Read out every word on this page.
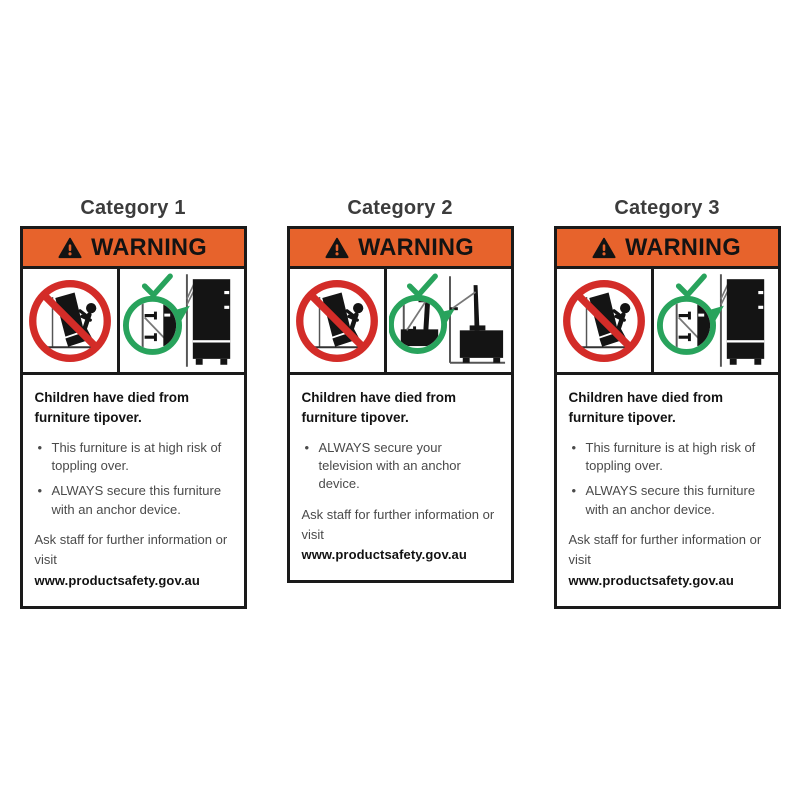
Category 1
WARNING

Children have died from furniture tipover.

• This furniture is at high risk of toppling over.
• ALWAYS secure this furniture with an anchor device.

Ask staff for further information or visit
www.productsafety.gov.au

Category 2
WARNING

Children have died from furniture tipover.

• ALWAYS secure your television with an anchor device.

Ask staff for further information or visit
www.productsafety.gov.au

Category 3
WARNING

Children have died from furniture tipover.

• This furniture is at high risk of toppling over.
• ALWAYS secure this furniture with an anchor device.

Ask staff for further information or visit
www.productsafety.gov.au
